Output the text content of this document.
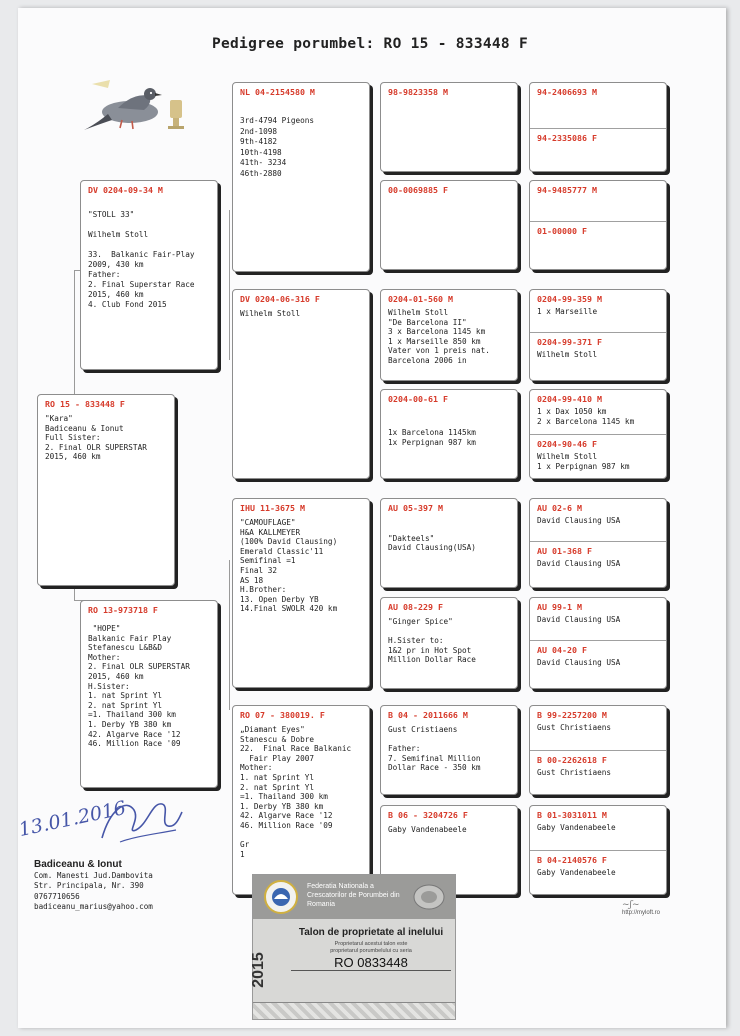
Pedigree porumbel: RO 15 - 833448 F
RO 15 - 833448 F
"Kara"
Badiceanu & Ionut
Full Sister:
2. Final OLR SUPERSTAR
2015, 460 km
DV 0204-09-34 M
"STOLL 33"

Wilhelm Stoll

33.  Balkanic Fair-Play
2009, 430 km
Father:
2. Final Superstar Race
2015, 460 km
4. Club Fond 2015
RO 13-973718 F
"HOPE"
Balkanic Fair Play
Stefanescu L&B&D
Mother:
2. Final OLR SUPERSTAR
2015, 460 km
H.Sister:
1. nat Sprint Yl
2. nat Sprint Yl
=1. Thailand 300 km
1. Derby YB 380 km
42. Algarve Race '12
46. Million Race '09
NL 04-2154580 M
3rd-4794 Pigeons
2nd-1098
9th-4182
10th-4198
41th- 3234
46th-2880
DV 0204-06-316 F
Wilhelm Stoll
IHU 11-3675 M
"CAMOUFLAGE"
H&A KALLMEYER
(100% David Clausing)
Emerald Classic'11
Semifinal =1
Final 32
AS 18
H.Brother:
13. Open Derby YB
14.Final SWOLR 420 km
RO 07 - 380019. F
„Diamant Eyes"
Stanescu & Dobre
22.  Final Race Balkanic
Fair Play 2007
Mother:
1. nat Sprint Yl
2. nat Sprint Yl
=1. Thailand 300 km
1. Derby YB 380 km
42. Algarve Race '12
46. Million Race '09

Gr
1
98-9823358 M
00-0069885 F
0204-01-560 M
Wilhelm Stoll
"De Barcelona II"
3 x Barcelona 1145 km
1 x Marseille 850 km
Vater von 1 preis nat.
Barcelona 2006 in
0204-00-61 F

1x Barcelona 1145km
1x Perpignan 987 km
AU 05-397 M

"Dakteels"
David Clausing(USA)
AU 08-229 F
"Ginger Spice"

H.Sister to:
1&2 pr in Hot Spot
Million Dollar Race
B 04 - 2011666 M
Gust Cristiaens

Father:
7. Semifinal Million
Dollar Race - 350 km
B 06 - 3204726 F
Gaby Vandenabeele
94-2406693 M
94-2335086 F
94-9485777 M
01-00000 F
0204-99-359 M
1 x Marseille
0204-99-371 F
Wilhelm Stoll
0204-99-410 M
1 x Dax 1050 km
2 x Barcelona 1145 km
0204-90-46 F
Wilhelm Stoll
1 x Perpignan 987 km
AU 02-6 M
David Clausing USA
AU 01-368 F
David Clausing USA
AU 99-1 M
David Clausing USA
AU 04-20 F
David Clausing USA
B 99-2257200 M
Gust Christiaens
B 00-2262618 F
Gust Christiaens
B 01-3031011 M
Gaby Vandenabeele
B 04-2140576 F
Gaby Vandenabeele
13.01.2016
Badiceanu & Ionut
Com. Manesti Jud.Dambovita
Str. Principala, Nr. 390
0767710656
badiceanu_marius@yahoo.com
Federatia Nationala a Crescatorilor de Porumbei din Romania
Talon de proprietate al inelului
Proprietarul acestui talon este
proprietarul porumbelului cu seria
RO 0833448
2015
~ʃ~
http://myloft.ro
